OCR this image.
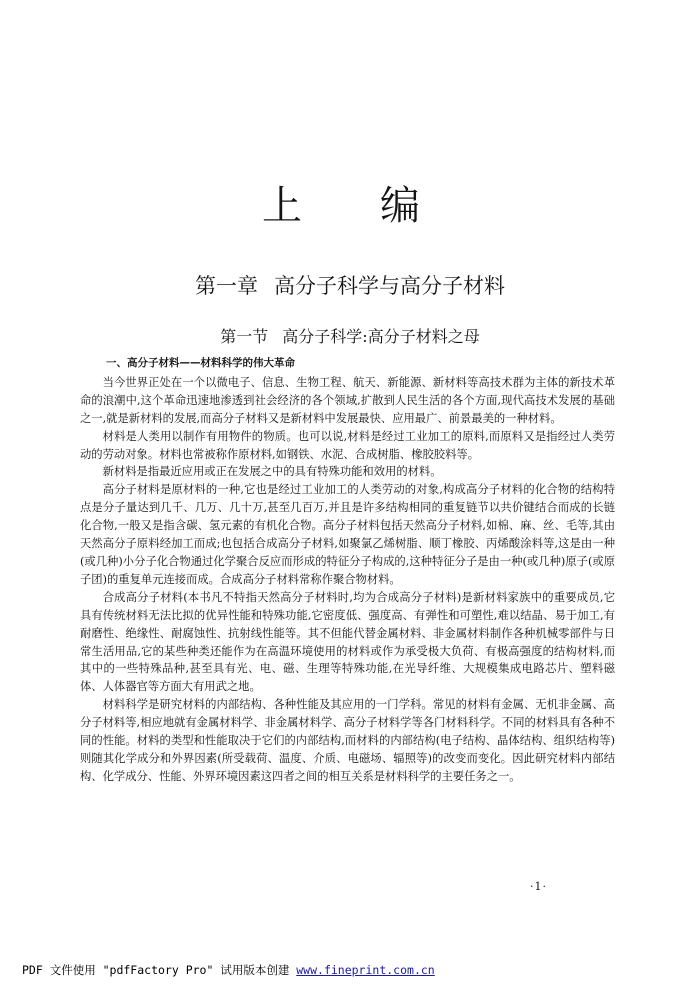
上编
第一章 高分子科学与高分子材料
第一节 高分子科学:高分子材料之母
一、高分子材料——材料科学的伟大革命

当今世界正处在一个以微电子、信息、生物工程、航天、新能源、新材料等高技术群为主体的新技术革命的浪潮中,这个革命迅速地渗透到社会经济的各个领域,扩散到人民生活的各个方面,现代高技术发展的基础之一,就是新材料的发展,而高分子材料又是新材料中发展最快、应用最广、前景最美的一种材料。

材料是人类用以制作有用物件的物质。也可以说,材料是经过工业加工的原料,而原料又是指经过人类劳动的劳动对象。材料也常被称作原材料,如钢铁、水泥、合成树脂、橡胶胶料等。

新材料是指最近应用或正在发展之中的具有特殊功能和效用的材料。

高分子材料是原材料的一种,它也是经过工业加工的人类劳动的对象,构成高分子材料的化合物的结构特点是分子量达到几千、几万、几十万,甚至几百万,并且是许多结构相同的重复链节以共价键结合而成的长链化合物,一般又是指含碳、氢元素的有机化合物。高分子材料包括天然高分子材料,如棉、麻、丝、毛等,其由天然高分子原料经加工而成;也包括合成高分子材料,如聚氯乙烯树脂、顺丁橡胶、丙烯酸涂料等,这是由一种(或几种)小分子化合物通过化学聚合反应而形成的特征分子构成的,这种特征分子是由一种(或几种)原子(或原子团)的重复单元连接而成。合成高分子材料常称作聚合物材料。

合成高分子材料(本书凡不特指天然高分子材料时,均为合成高分子材料)是新材料家族中的重要成员,它具有传统材料无法比拟的优异性能和特殊功能,它密度低、强度高、有弹性和可塑性,难以结晶、易于加工,有耐磨性、绝缘性、耐腐蚀性、抗射线性能等。其不但能代替金属材料、非金属材料制作各种机械零部件与日常生活用品,它的某些种类还能作为在高温环境使用的材料或作为承受极大负荷、有极高强度的结构材料,而其中的一些特殊品种,甚至具有光、电、磁、生理等特殊功能,在光导纤维、大规模集成电路芯片、塑料磁体、人体器官等方面大有用武之地。

材料科学是研究材料的内部结构、各种性能及其应用的一门学科。常见的材料有金属、无机非金属、高分子材料等,相应地就有金属材料学、非金属材料学、高分子材料学等各门材料科学。不同的材料具有各种不同的性能。材料的类型和性能取决于它们的内部结构,而材料的内部结构(电子结构、晶体结构、组织结构等)则随其化学成分和外界因素(所受载荷、温度、介质、电磁场、辐照等)的改变而变化。因此研究材料内部结构、化学成分、性能、外界环境因素这四者之间的相互关系是材料科学的主要任务之一。

·1·
PDF 文件使用 "pdfFactory Pro" 试用版本创建 www.fineprint.com.cn
